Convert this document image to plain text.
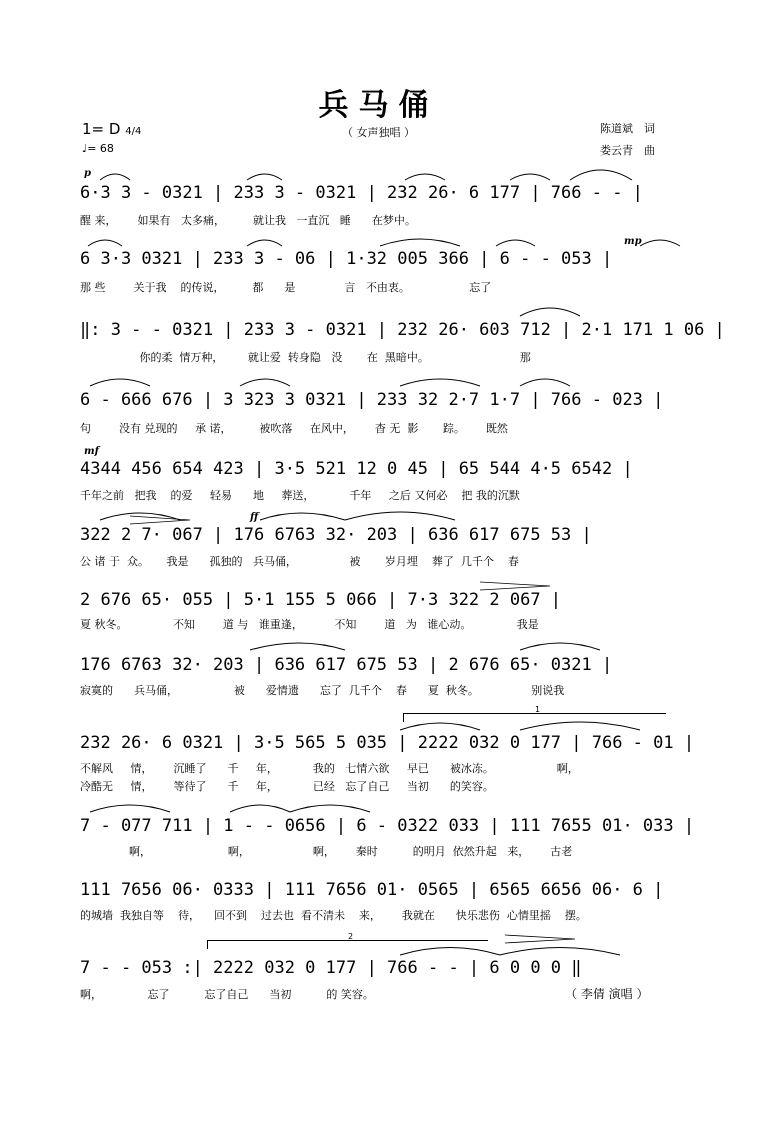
兵马俑
1= D 4/4
♩= 68
（ 女声独唱 ）	陈道斌　词
娄云青　曲
p
mp
mf
ff
1
2
6·3 3 - 0321 | 233 3 - 0321 | 232 26· 6 177 | 766 - - |
醒 来，      如果有   太多痛，        就让我   一直沉   睡      在梦中。
6 3·3 0321 | 233 3 - 06 | 1·32 005 366 | 6 - - 053 |
那 些        关于我    的传说，        都      是              言   不由衷。                 忘了
‖: 3 - - 0321 | 233 3 - 0321 | 232 26· 603 712 | 2·1 171 1 06 |
你的柔  情万种，       就让爱  转身隐   没       在  黑暗中。                          那
6 - 666 676 | 3 323 3 0321 | 233 32 2·7 1·7 | 766 - 023 |
句        没有 兑现的     承 诺，        被吹落     在风中，      杳 无  影       踪。      既然
4344 456 654 423 | 3·5 521 12 0 45 | 65 544 4·5 6542 |
千年之前   把我    的爱     轻易      地     葬送，          千年     之后 又何必    把 我的沉默
322 2 7· 067 | 176 6763 32· 203 | 636 617 675 53 |
公 诸 于  众。     我是      孤独的   兵马俑，               被       岁月埋    葬了  几千个    春
2 676 65· 055 | 5·1 155 5 066 | 7·3 322 2 067 |
夏 秋冬。             不知        道 与   谁重逢，         不知        道   为   谁心动。             我是
176 6763 32· 203 | 636 617 675 53 | 2 676 65· 0321 |
寂寞的      兵马俑，                被      爱情遗      忘了  几千个    春      夏  秋冬。               别说我
232 26· 6 0321 | 3·5 565 5 035 | 2222 032 0 177 | 766 - 01 |
不解风     情，      沉睡了      千     年，          我的   七情六欲     早已      被冰冻。                  啊，
冷酷无     情，      等待了      千     年，          已经   忘了自己     当初      的笑容。
7 - 077 711 | 1 - - 0656 | 6 - 0322 033 | 111 7655 01· 033 |
啊，                      啊，                  啊，      秦时          的明月  依然升起   来，      古老
111 7656 06· 0333 | 111 7656 01· 0565 | 6565 6656 06· 6 |
的城墙  我独自等    待，    回不到    过去也  看不清未    来，      我就在      快乐悲伤  心情里摇    摆。
7 - - 053 :| 2222 032 0 177 | 766 - - | 6 0 0 0 ‖
啊，             忘了          忘了自己      当初          的 笑容。	（ 李倩 演唱 ）
